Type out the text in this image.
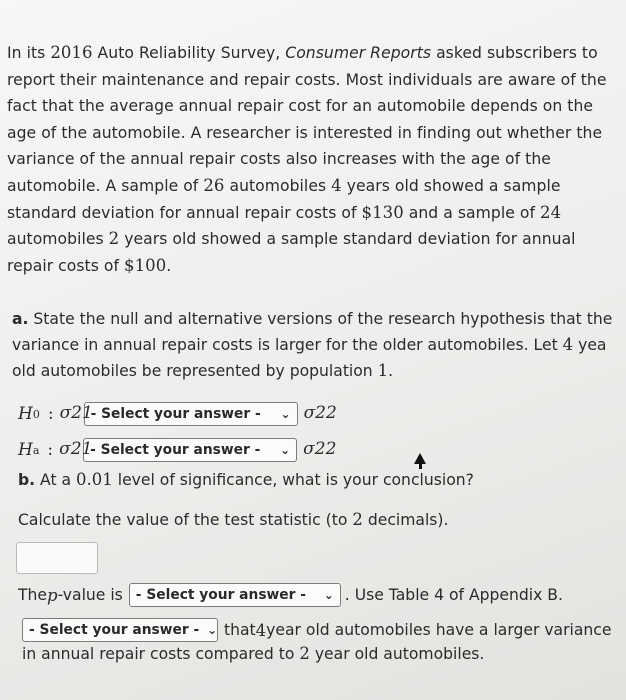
In its 2016 Auto Reliability Survey, Consumer Reports asked subscribers to
report their maintenance and repair costs. Most individuals are aware of the
fact that the average annual repair cost for an automobile depends on the
age of the automobile. A researcher is interested in finding out whether the
variance of the annual repair costs also increases with the age of the
automobile. A sample of 26 automobiles 4 years old showed a sample
standard deviation for annual repair costs of $130 and a sample of 24
automobiles 2 years old showed a sample standard deviation for annual
repair costs of $100.
a. State the null and alternative versions of the research hypothesis that the
variance in annual repair costs is larger for the older automobiles. Let 4 yea
old automobiles be represented by population 1.
H 0 : σ21
- Select your answer - ⌄ σ22
H a : σ21
- Select your answer - ⌄ σ22
b. At a 0.01 level of significance, what is your conclusion?
Calculate the value of the test statistic (to 2 decimals).
The p -value is - Select your answer - ⌄ . Use Table 4 of Appendix B.
- Select your answer - ⌄ that 4 year old automobiles have a larger variance
in annual repair costs compared to 2 year old automobiles.
